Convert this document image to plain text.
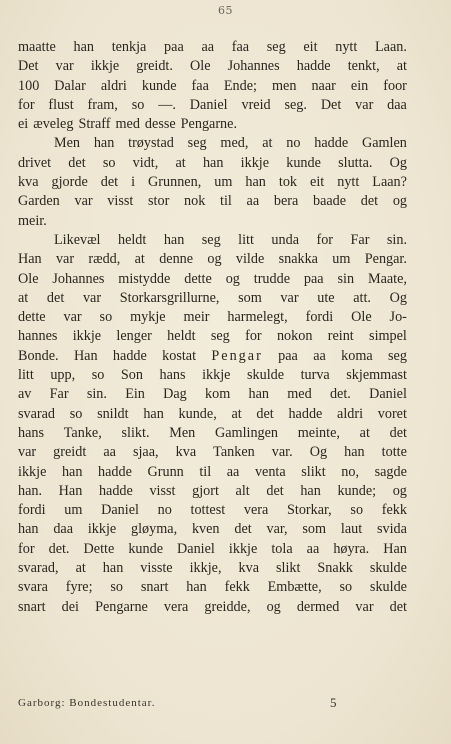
65
maatte han tenkja paa aa faa seg eit nytt Laan.
Det var ikkje greidt. Ole Johannes hadde tenkt, at
100 Dalar aldri kunde faa Ende; men naar ein foor
for flust fram, so —. Daniel vreid seg. Det var daa
ei æveleg Straff med desse Pengarne.
Men han trøystad seg med, at no hadde Gamlen
drivet det so vidt, at han ikkje kunde slutta. Og
kva gjorde det i Grunnen, um han tok eit nytt Laan?
Garden var visst stor nok til aa bera baade det og
meir.
Likevæl heldt han seg litt unda for Far sin.
Han var rædd, at denne og vilde snakka um Pengar.
Ole Johannes mistydde dette og trudde paa sin Maate,
at det var Storkarsgrillurne, som var ute att. Og
dette var so mykje meir harmelegt, fordi Ole Jo-
hannes ikkje lenger heldt seg for nokon reint simpel
Bonde. Han hadde kostat Pengar paa aa koma seg
litt upp, so Son hans ikkje skulde turva skjemmast
av Far sin. Ein Dag kom han med det. Daniel
svarad so snildt han kunde, at det hadde aldri voret
hans Tanke, slikt. Men Gamlingen meinte, at det
var greidt aa sjaa, kva Tanken var. Og han totte
ikkje han hadde Grunn til aa venta slikt no, sagde
han. Han hadde visst gjort alt det han kunde; og
fordi um Daniel no tottest vera Storkar, so fekk
han daa ikkje gløyma, kven det var, som laut svida
for det. Dette kunde Daniel ikkje tola aa høyra. Han
svarad, at han visste ikkje, kva slikt Snakk skulde
svara fyre; so snart han fekk Embætte, so skulde
snart dei Pengarne vera greidde, og dermed var det
Garborg: Bondestudentar.	5
